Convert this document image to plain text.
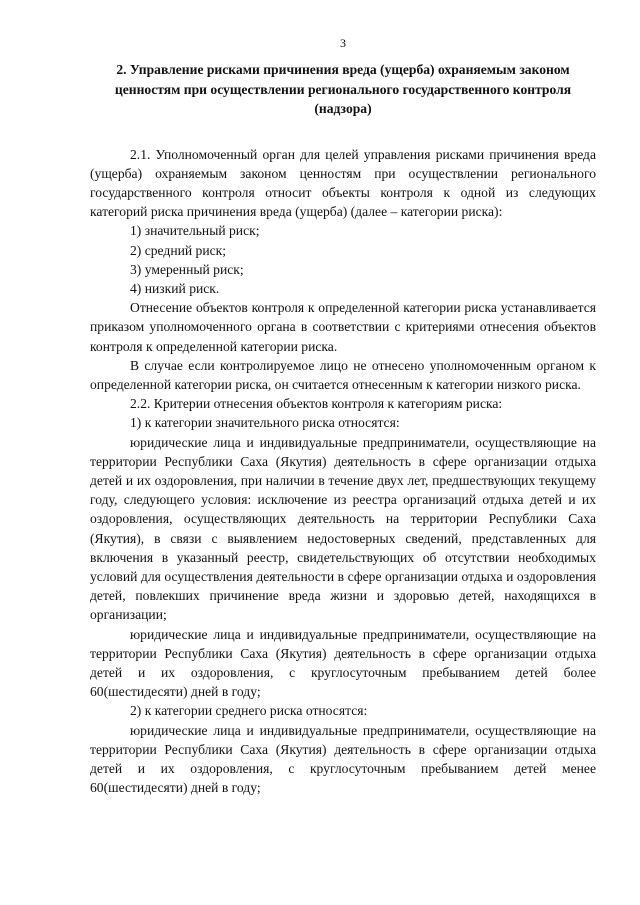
3
2. Управление рисками причинения вреда (ущерба) охраняемым законом ценностям при осуществлении регионального государственного контроля (надзора)

2.1. Уполномоченный орган для целей управления рисками причинения вреда (ущерба) охраняемым законом ценностям при осуществлении регионального государственного контроля относит объекты контроля к одной из следующих категорий риска причинения вреда (ущерба) (далее – категории риска):

1) значительный риск;

2) средний риск;

3) умеренный риск;

4) низкий риск.

Отнесение объектов контроля к определенной категории риска устанавливается приказом уполномоченного органа в соответствии с критериями отнесения объектов контроля к определенной категории риска.

В случае если контролируемое лицо не отнесено уполномоченным органом к определенной категории риска, он считается отнесенным к категории низкого риска.

2.2. Критерии отнесения объектов контроля к категориям риска:

1) к категории значительного риска относятся:

юридические лица и индивидуальные предприниматели, осуществляющие на территории Республики Саха (Якутия) деятельность в сфере организации отдыха детей и их оздоровления, при наличии в течение двух лет, предшествующих текущему году, следующего условия: исключение из реестра организаций отдыха детей и их оздоровления, осуществляющих деятельность на территории Республики Саха (Якутия), в связи с выявлением недостоверных сведений, представленных для включения в указанный реестр, свидетельствующих об отсутствии необходимых условий для осуществления деятельности в сфере организации отдыха и оздоровления детей, повлекших причинение вреда жизни и здоровью детей, находящихся в организации;

юридические лица и индивидуальные предприниматели, осуществляющие на территории Республики Саха (Якутия) деятельность в сфере организации отдыха детей и их оздоровления, с круглосуточным пребыванием детей более 60(шестидесяти) дней в году;

2) к категории среднего риска относятся:

юридические лица и индивидуальные предприниматели, осуществляющие на территории Республики Саха (Якутия) деятельность в сфере организации отдыха детей и их оздоровления, с круглосуточным пребыванием детей менее 60(шестидесяти) дней в году;
